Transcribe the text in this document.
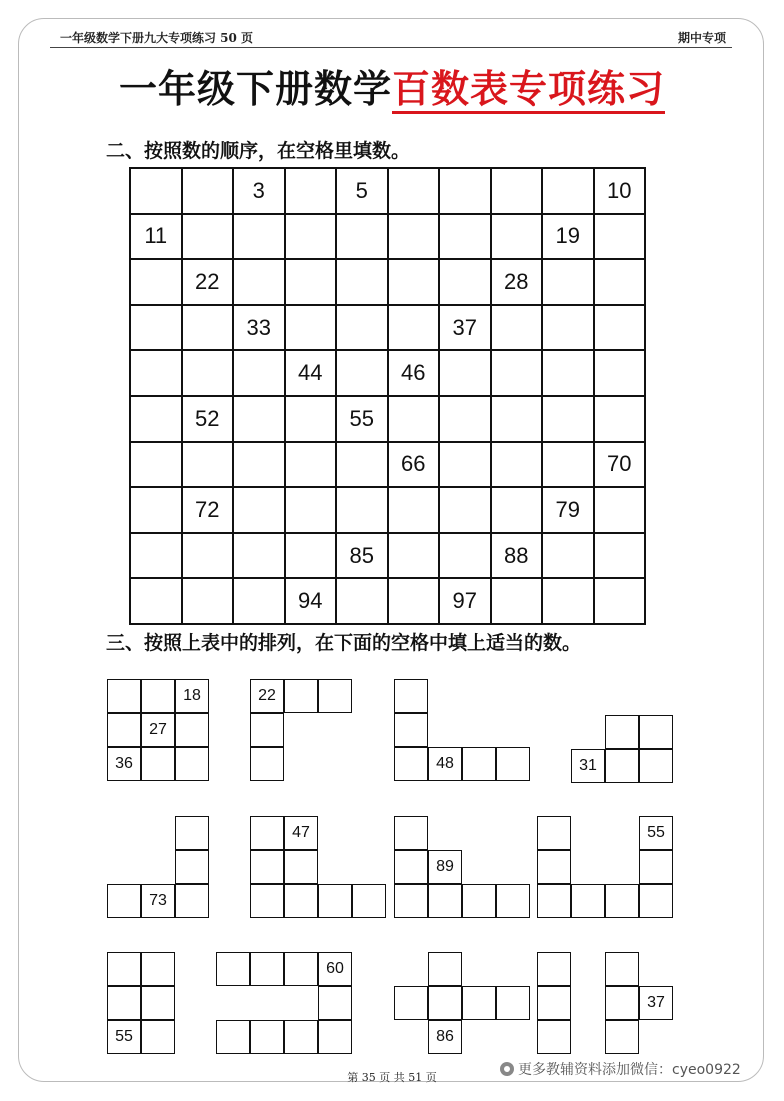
一年级数学下册九大专项练习 50 页	期中专项
一年级下册数学百数表专项练习
二、按照数的顺序，在空格里填数。
		3		5					10
11								19	
	22						28		
		33				37			
			44		46				
	52			55					
					66				70
	72							79	
				85			88		
			94			97			
三、按照上表中的排列，在下面的空格中填上适当的数。
18
27
36
22
48	31
73
47
89
55
55
60
86
37
第 35 页 共 51 页	更多教辅资料添加微信：cyeo0922
